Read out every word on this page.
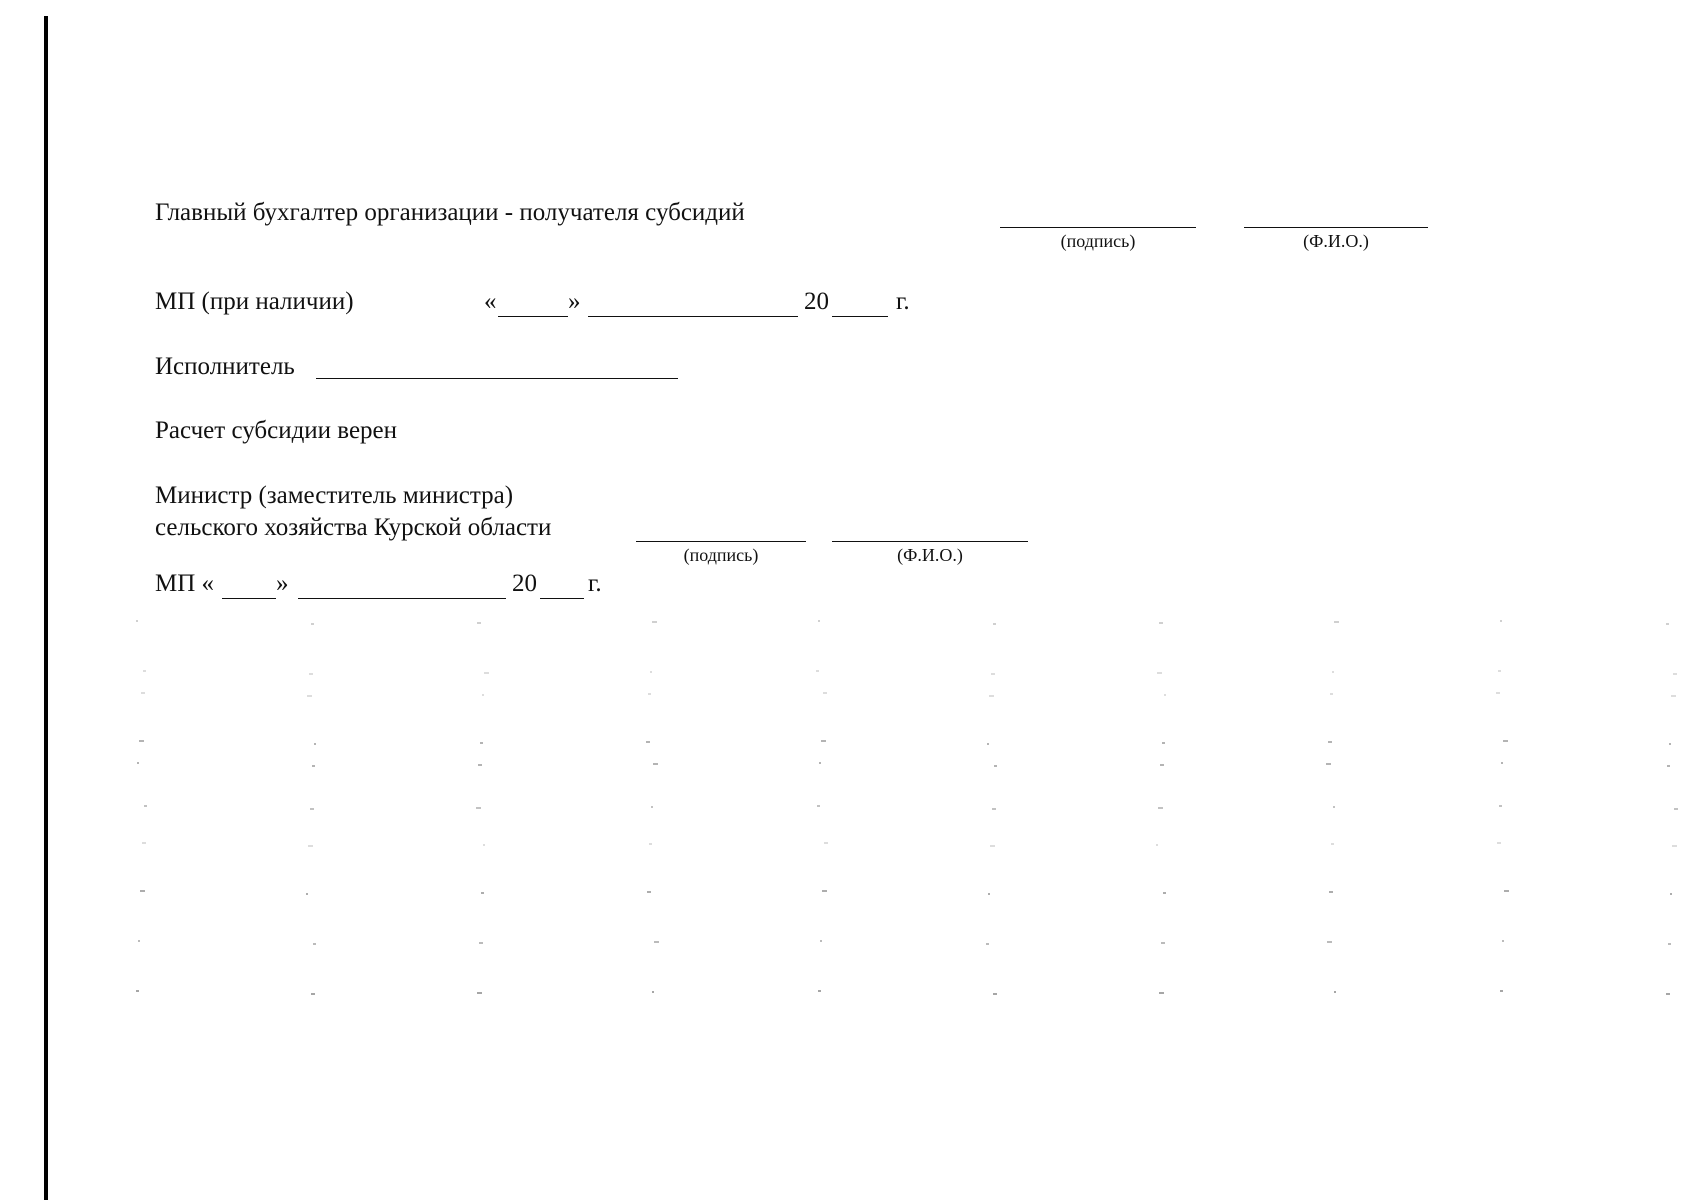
Главный бухгалтер организации - получателя субсидий
(подпись)	(Ф.И.О.)
МП (при наличии)	«	»	20	г.
Исполнитель
Расчет субсидии верен
Министр (заместитель министра)
сельского хозяйства Курской области
(подпись)	(Ф.И.О.)
МП « »	20 г.
